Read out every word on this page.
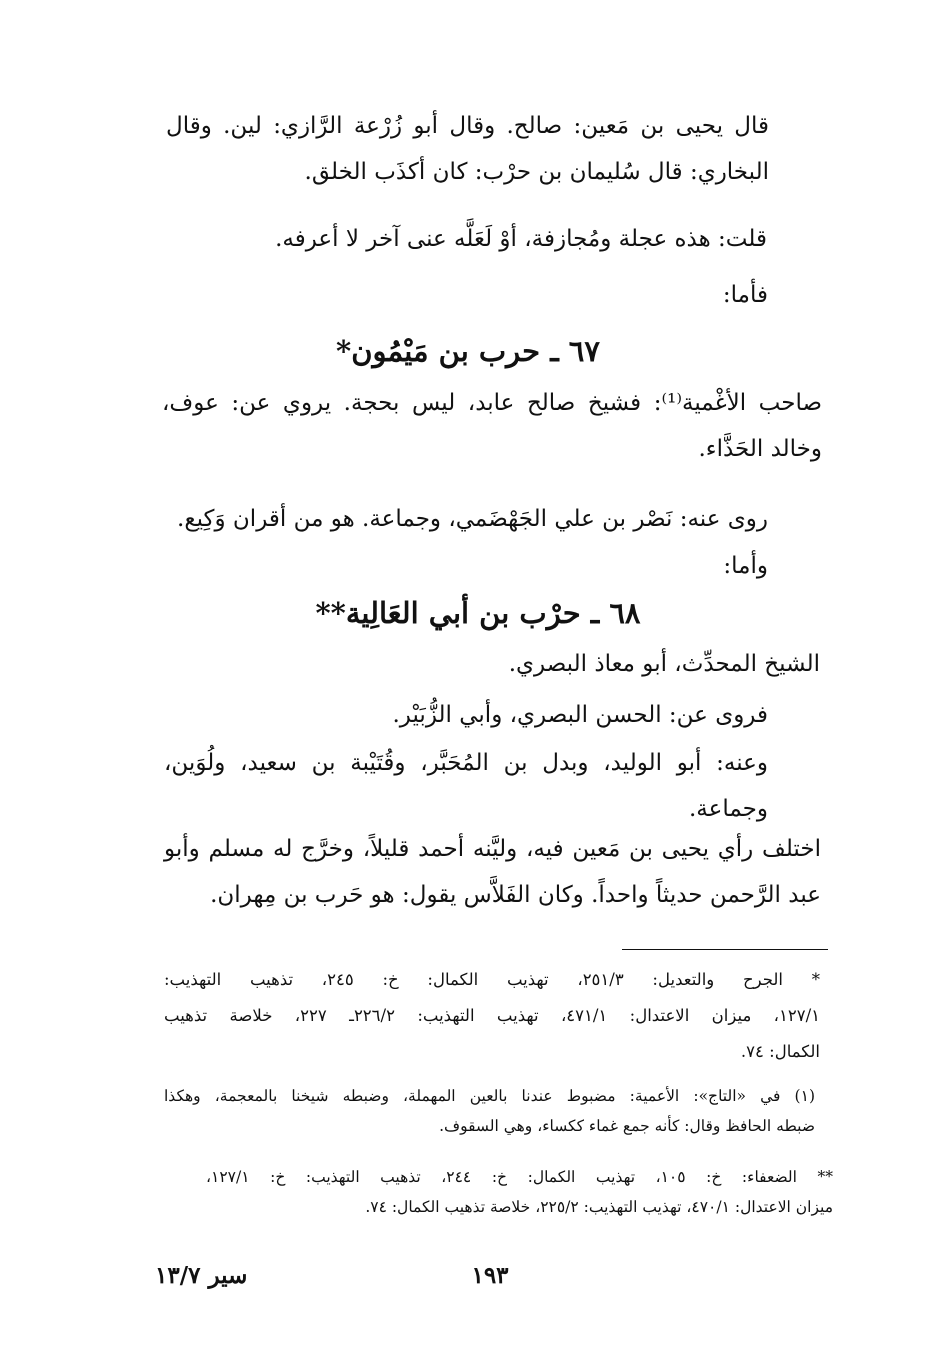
قال يحيى بن مَعين: صالح. وقال أبو زُرْعة الرَّازي: لين. وقال
البخاري: قال سُليمان بن حرْب: كان أكذَب الخلق.
قلت: هذه عجلة ومُجازفة، أوْ لَعَلَّه عنى آخر لا أعرفه.
فأما:
٦٧ ـ حرب بن مَيْمُون*
صاحب الأغْمية⁽¹⁾: فشيخ صالح عابد، ليس بحجة. يروي عن: عوف،
وخالد الحَذَّاء.
روى عنه: نَصْر بن علي الجَهْضَمي، وجماعة. هو من أقران وَكِيع.
وأما:
٦٨ ـ حرْب بن أبي العَالِية**
الشيخ المحدِّث، أبو معاذ البصري.
فروى عن: الحسن البصري، وأبي الزُّبَيْر.
وعنه: أبو الوليد، وبدل بن المُحَبَّر، وقُتَيْبة بن سعيد، ولُوَين،
وجماعة.
اختلف رأي يحيى بن مَعين فيه، وليَّنه أحمد قليلاً، وخرَّج له مسلم وأبو
عبد الرَّحمن حديثاً واحداً. وكان الفَلاَّس يقول: هو حَرب بن مِهران.
* الجرح والتعديل: ٢٥١/٣، تهذيب الكمال: خ: ٢٤٥، تذهيب التهذيب:
١٢٧/١، ميزان الاعتدال: ٤٧١/١، تهذيب التهذيب: ٢٢٦/٢ـ ٢٢٧، خلاصة تذهيب
الكمال: ٧٤.
(١) في «التاج»: الأعمية: مضبوط عندنا بالعين المهملة، وضبطه شيخنا بالمعجمة، وهكذا
ضبطه الحافظ وقال: كأنه جمع غماء ككساء، وهي السقوف.
** الضعفاء: خ: ١٠٥، تهذيب الكمال: خ: ٢٤٤، تذهيب التهذيب: خ: ١٢٧/١،
ميزان الاعتدال: ٤٧٠/١، تهذيب التهذيب: ٢٢٥/٢، خلاصة تذهيب الكمال: ٧٤.
١٩٣
سير ١٣/٧
